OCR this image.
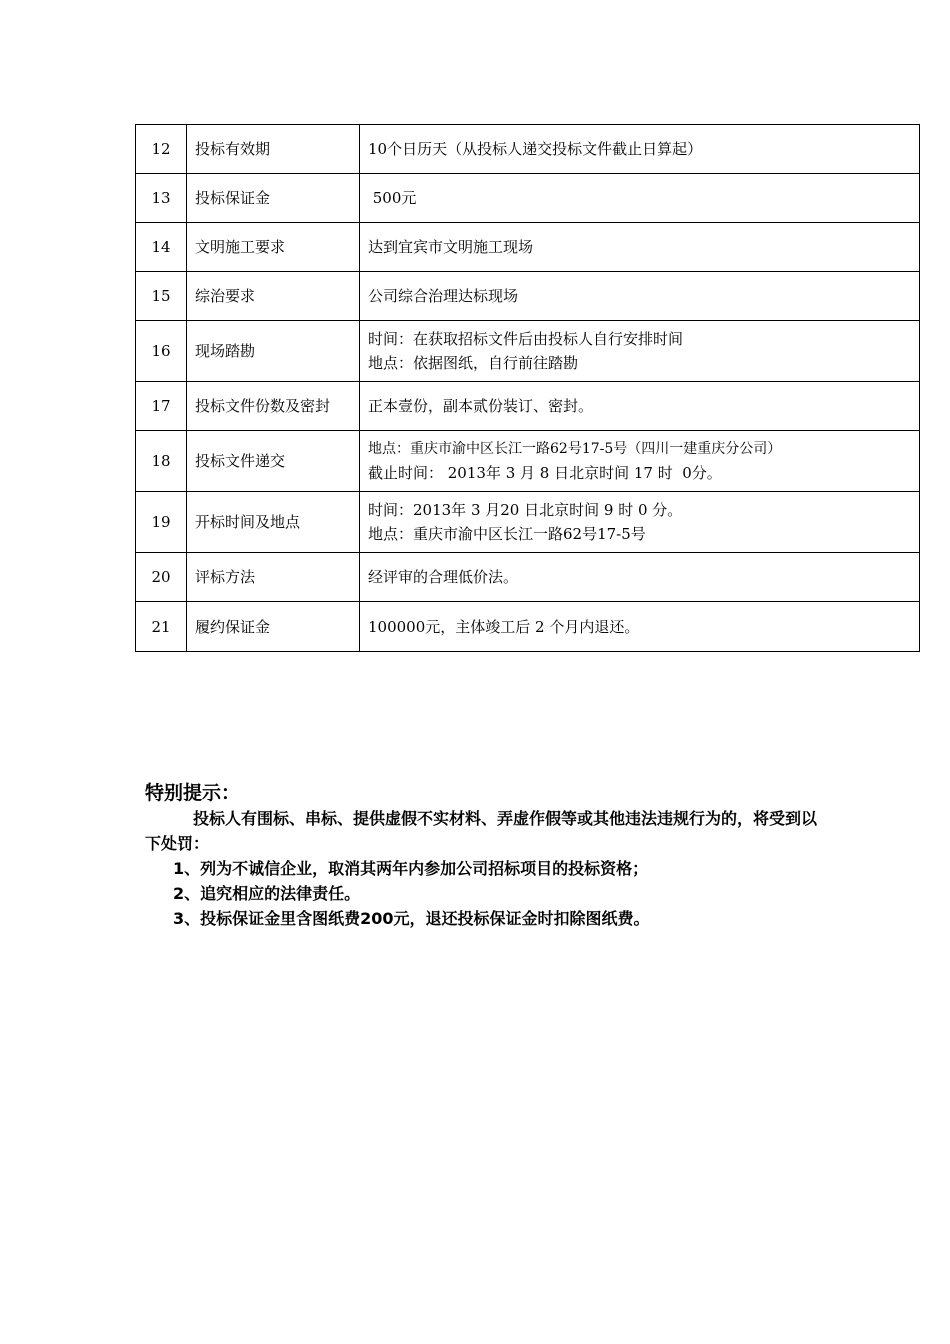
12	投标有效期	10个日历天（从投标人递交投标文件截止日算起）

13	投标保证金	500元

14	文明施工要求	达到宜宾市文明施工现场

15	综治要求	公司综合治理达标现场

16	现场踏勘	时间：在获取招标文件后由投标人自行安排时间
地点：依据图纸，自行前往踏勘

17	投标文件份数及密封	正本壹份，副本贰份装订、密封。

18	投标文件递交	地点：重庆市渝中区长江一路62号17-5号（四川一建重庆分公司）
截止时间： 2013年 3 月 8 日北京时间 17 时  0分。

19	开标时间及地点	时间：2013年 3 月20 日北京时间 9 时 0 分。
地点：重庆市渝中区长江一路62号17-5号

20	评标方法	经评审的合理低价法。

21	履约保证金	100000元，主体竣工后 2 个月内退还。
特别提示：
投标人有围标、串标、提供虚假不实材料、弄虚作假等或其他违法违规行为的，将受到以下处罚：
1、列为不诚信企业，取消其两年内参加公司招标项目的投标资格；
2、追究相应的法律责任。
3、投标保证金里含图纸费200元，退还投标保证金时扣除图纸费。
